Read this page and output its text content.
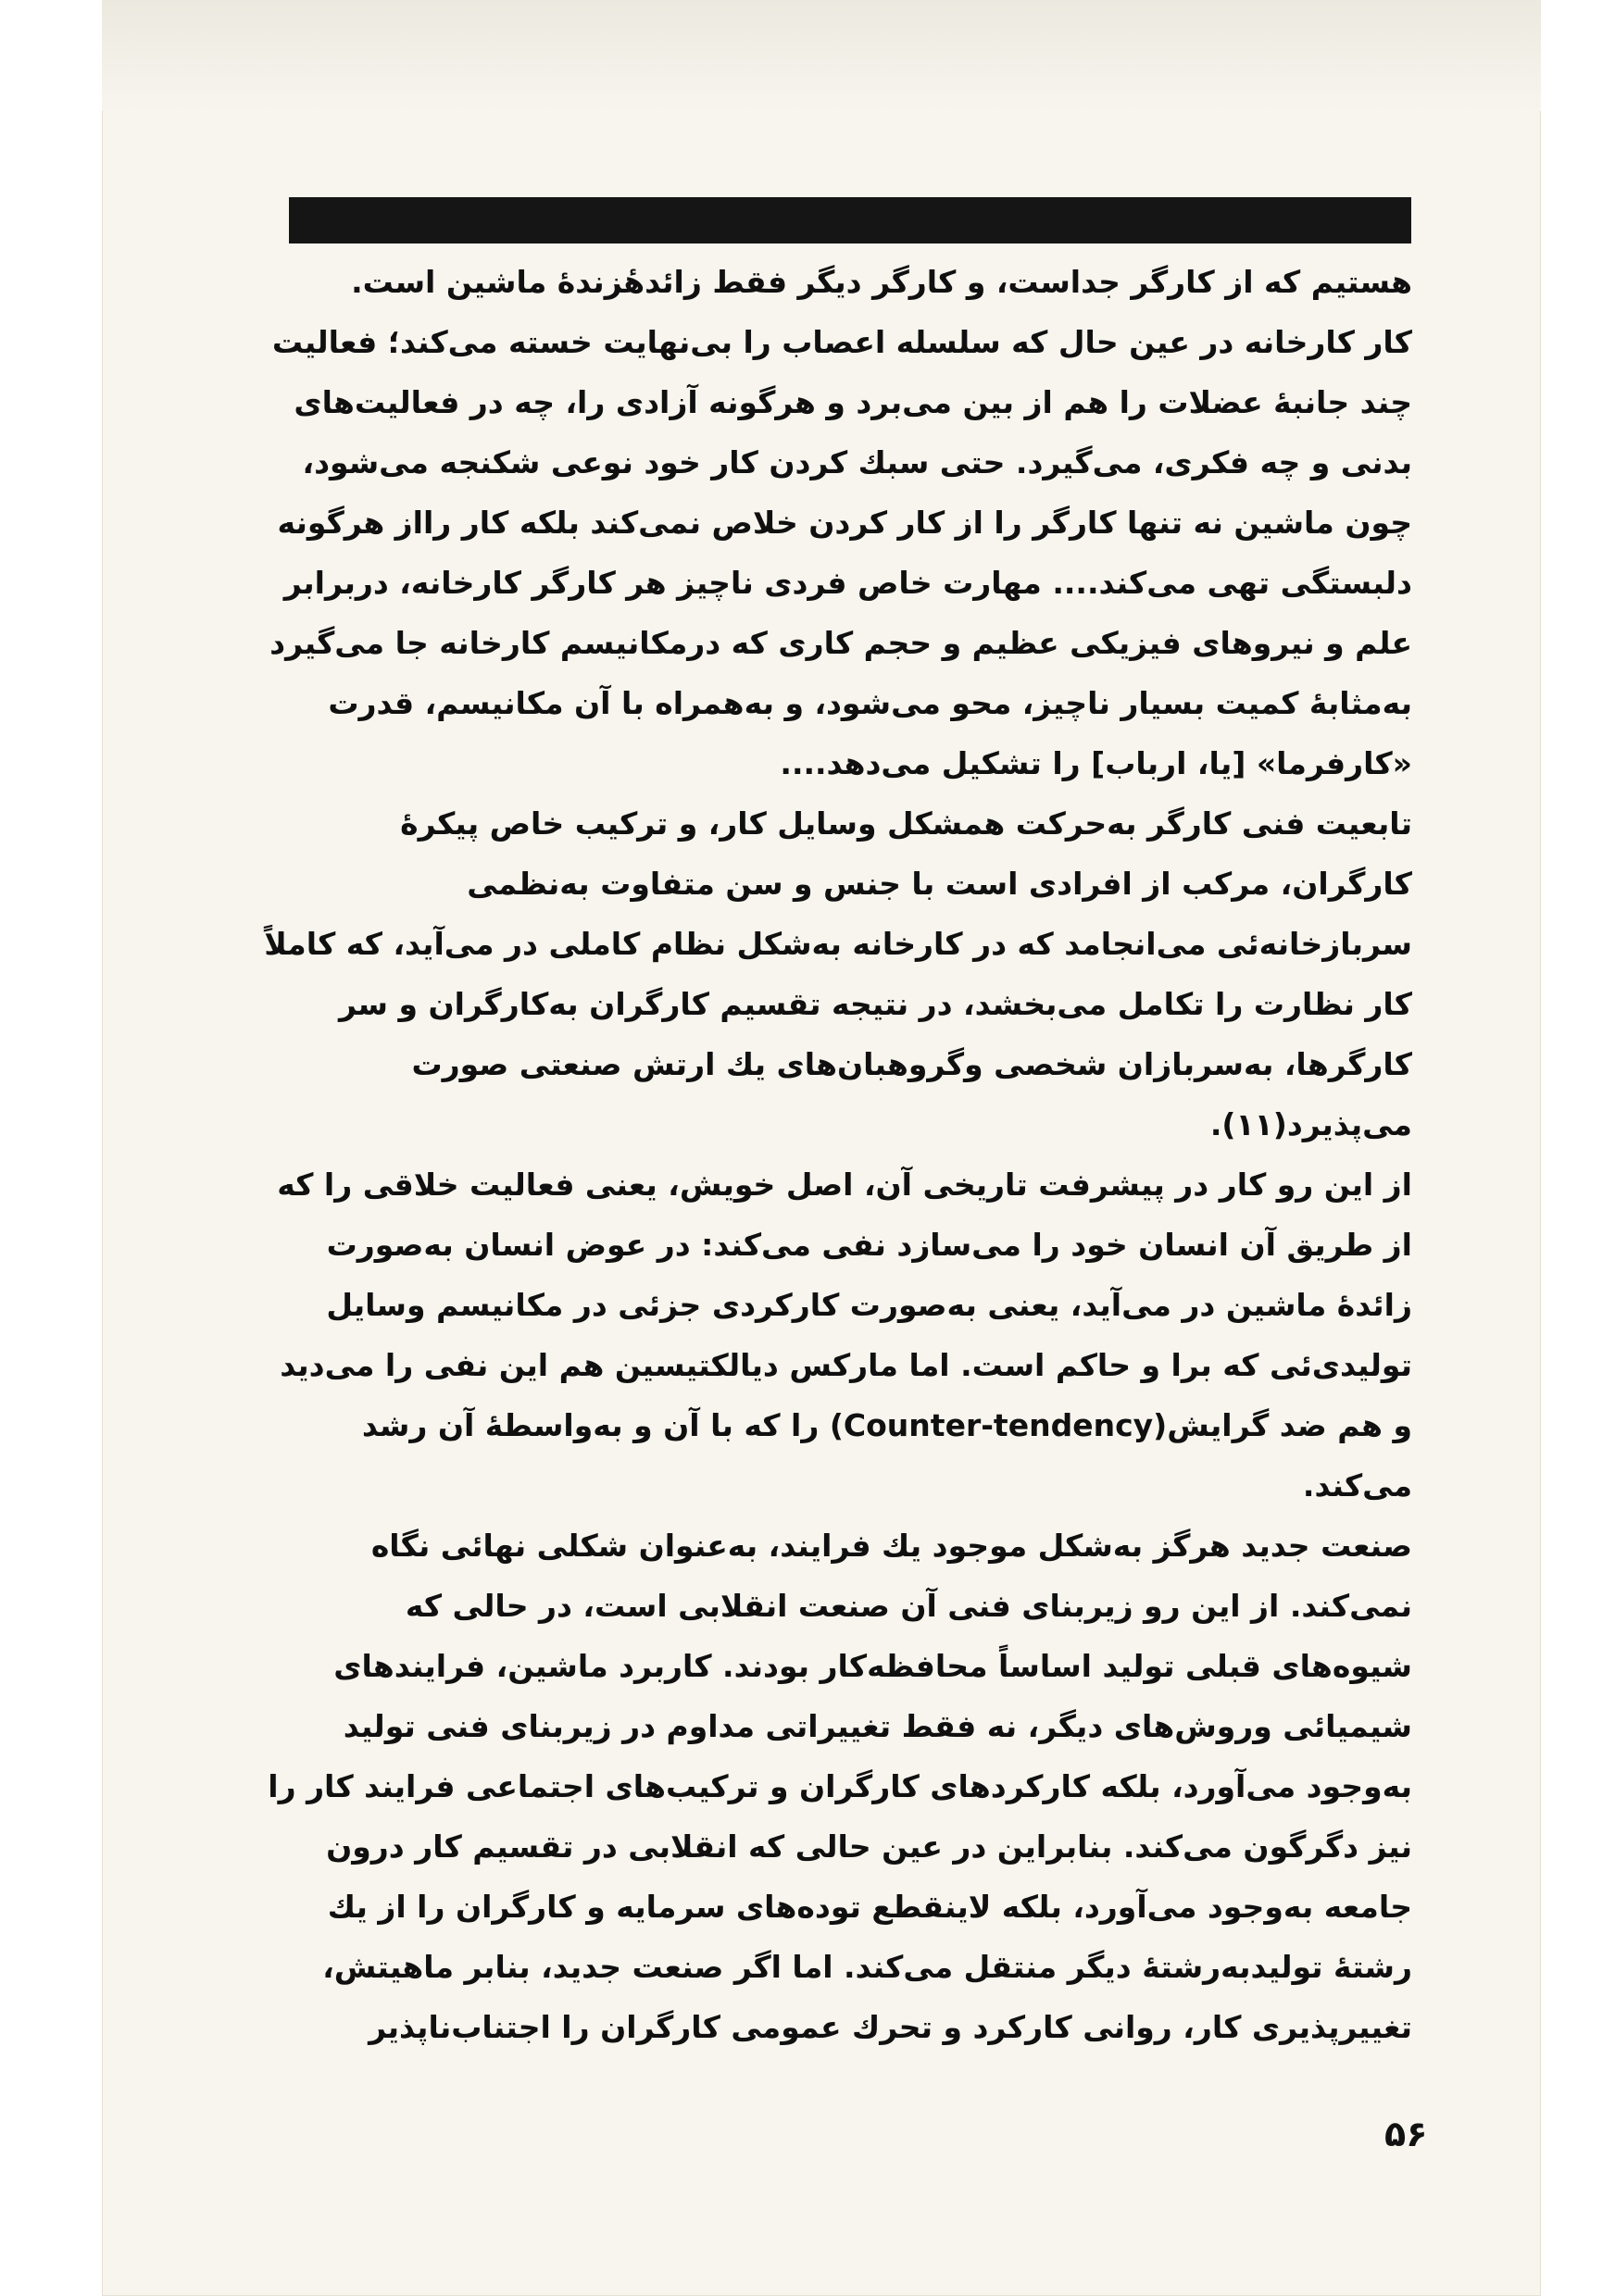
هستیم که از کارگر جداست، و کارگر دیگر فقط زائدهٔزندهٔ ماشین است.

کار کارخانه در عین حال که سلسله اعصاب را بی‌نهایت خسته می‌کند؛ فعالیت چند جانبهٔ عضلات را هم از بین می‌برد و هرگونه آزادی را، چه در فعالیت‌های بدنی و چه فکری، می‌گیرد. حتی سبك کردن کار خود نوعی شکنجه می‌شود، چون ماشین نه تنها کارگر را از کار کردن خلاص نمی‌کند بلکه کار رااز هرگونه دلبستگی تهی می‌کند.... مهارت خاص فردی ناچیز هر کارگر کارخانه، دربرابر علم و نیروهای فیزیکی عظیم و حجم کاری که درمکانیسم کارخانه جا می‌گیرد به‌مثابهٔ کمیت بسیار ناچیز، محو می‌شود، و به‌همراه با آن مکانیسم، قدرت «کارفرما» [یا، ارباب] را تشکیل می‌دهد....

تابعیت فنی کارگر به‌حرکت همشکل وسایل کار، و ترکیب خاص پیکرهٔ کارگران، مرکب از افرادی است با جنس و سن متفاوت به‌نظمی سربازخانه‌ئی می‌انجامد که در کارخانه به‌شکل نظام کاملی در می‌آید، که کاملاً کار نظارت را تکامل می‌بخشد، در نتیجه تقسیم کارگران به‌کارگران و سر کارگرها، به‌سربازان شخصی وگروهبان‌های یك ارتش صنعتی صورت می‌پذیرد(۱۱).

از این رو کار در پیشرفت تاریخی آن، اصل خویش، یعنی فعالیت خلاقی را که از طریق آن انسان خود را می‌سازد نفی می‌کند: در عوض انسان به‌صورت زائدهٔ ماشین در می‌آید، یعنی به‌صورت کارکردی جزئی در مکانیسم وسایل تولیدی‌ئی که برا و حاکم است. اما مارکس دیالکتیسین هم این نفی را می‌دید و هم ضد گرایش(Counter-tendency) را که با آن و به‌واسطهٔ آن رشد می‌کند.

صنعت جدید هرگز به‌شکل موجود یك فرایند، به‌عنوان شکلی نهائی نگاه نمی‌کند. از این رو زیربنای فنی آن صنعت انقلابی است، در حالی که شیوه‌های قبلی تولید اساساً محافظه‌کار بودند. کاربرد ماشین، فرایندهای شیمیائی وروش‌های دیگر، نه فقط تغییراتی مداوم در زیربنای فنی تولید به‌وجود می‌آورد، بلکه کارکردهای کارگران و ترکیب‌های اجتماعی فرایند کار را نیز دگرگون می‌کند. بنابراین در عین حالی که انقلابی در تقسیم کار درون جامعه به‌وجود می‌آورد، بلکه لاینقطع توده‌های سرمایه و کارگران را از یك رشتهٔ تولیدبه‌رشتهٔ دیگر منتقل می‌کند. اما اگر صنعت جدید، بنابر ماهیتش، تغییرپذیری کار، روانی کارکرد و تحرك عمومی کارگران را اجتناب‌ناپذیر

۵۶
